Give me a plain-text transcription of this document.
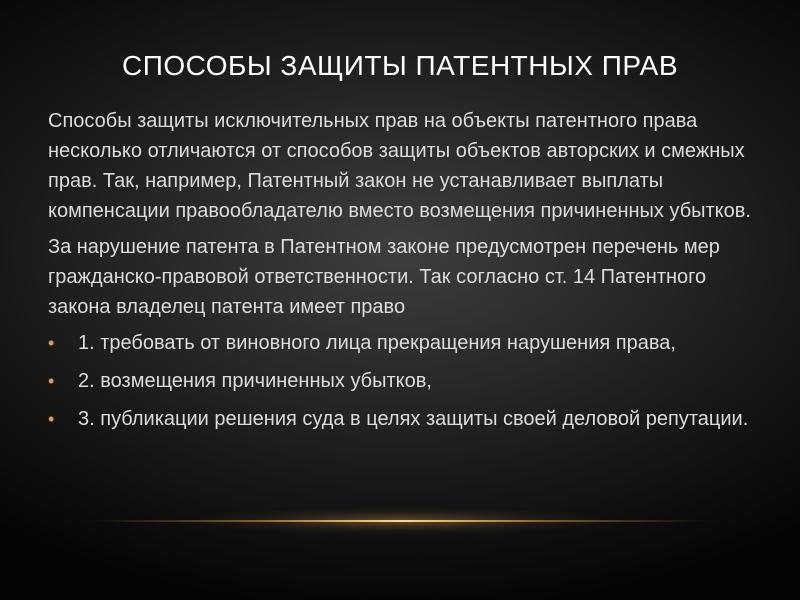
СПОСОБЫ ЗАЩИТЫ ПАТЕНТНЫХ ПРАВ

Способы защиты исключительных прав на объекты патентного права несколько отличаются от способов защиты объектов авторских и смежных прав. Так, например, Патентный закон не устанавливает выплаты компенсации правообладателю вместо возмещения причиненных убытков.

За нарушение патента в Патентном законе предусмотрен перечень мер гражданско-правовой ответственности. Так согласно ст. 14 Патентного закона владелец патента имеет право

•	1. требовать от виновного лица прекращения нарушения права,
•	2. возмещения причиненных убытков,
•	3. публикации решения суда в целях защиты своей деловой репутации.
